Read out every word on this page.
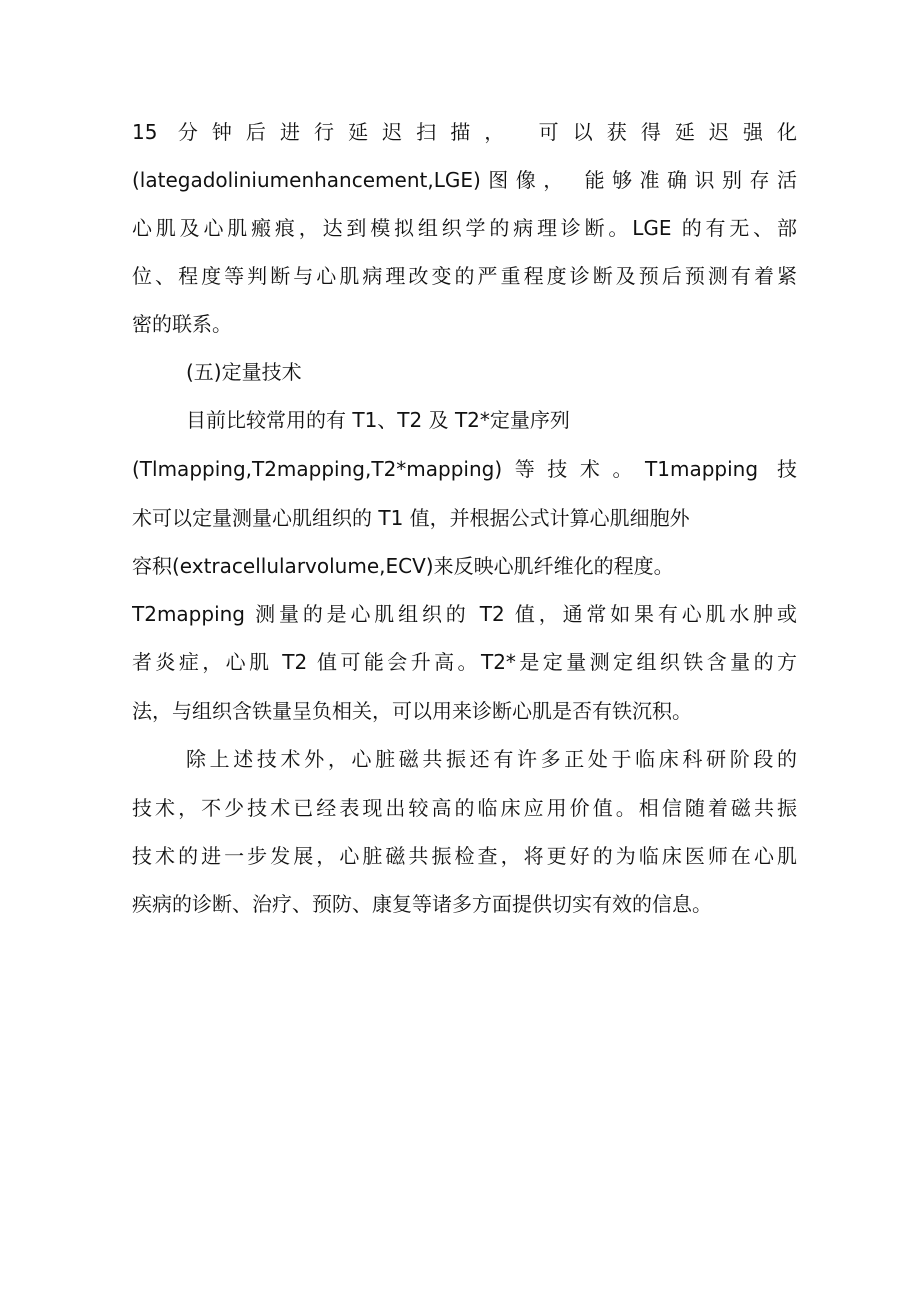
15 分钟后进行延迟扫描， 可以获得延迟强化
(lategadoliniumenhancement,LGE)图像， 能够准确识别存活
心肌及心肌瘢痕，达到模拟组织学的病理诊断。LGE 的有无、部
位、程度等判断与心肌病理改变的严重程度诊断及预后预测有着紧
密的联系。
(五)定量技术
目前比较常用的有 T1、T2 及 T2*定量序列
(Tlmapping,T2mapping,T2*mapping)等技术。T1mapping 技
术可以定量测量心肌组织的 T1 值，并根据公式计算心肌细胞外
容积(extracellularvolume,ECV)来反映心肌纤维化的程度。
T2mapping 测量的是心肌组织的 T2 值，通常如果有心肌水肿或
者炎症，心肌 T2 值可能会升高。T2*是定量测定组织铁含量的方
法，与组织含铁量呈负相关，可以用来诊断心肌是否有铁沉积。
除上述技术外，心脏磁共振还有许多正处于临床科研阶段的
技术，不少技术已经表现出较高的临床应用价值。相信随着磁共振
技术的进一步发展，心脏磁共振检查，将更好的为临床医师在心肌
疾病的诊断、治疗、预防、康复等诸多方面提供切实有效的信息。
